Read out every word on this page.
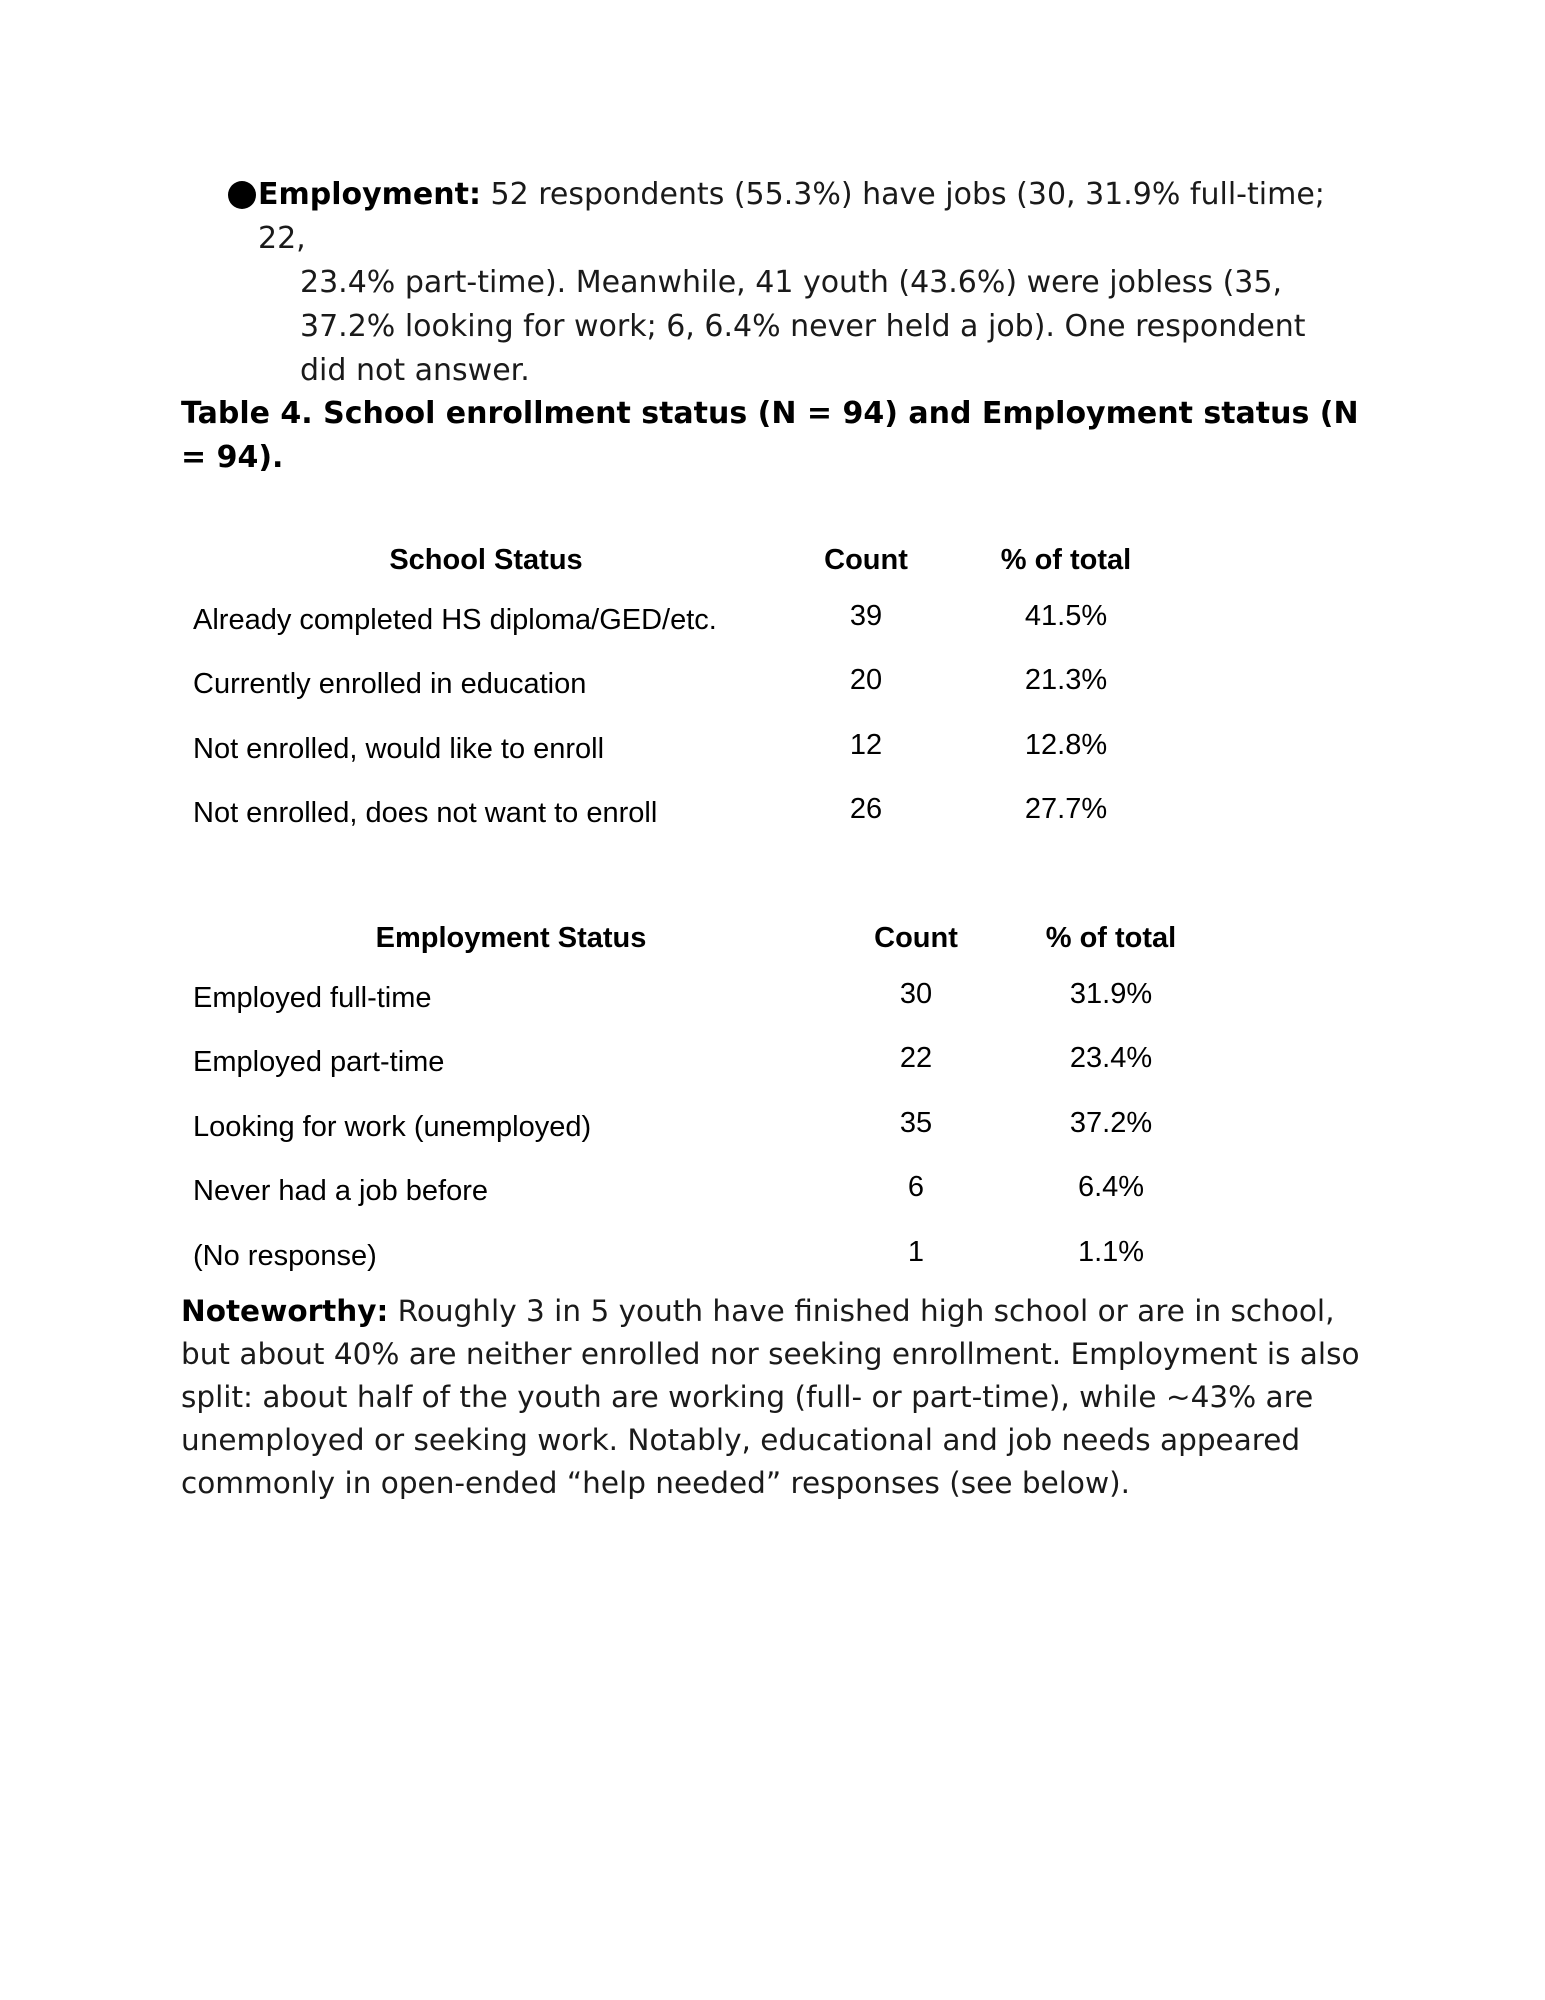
Employment: 52 respondents (55.3%) have jobs (30, 31.9% full-time; 22,
23.4% part-time). Meanwhile, 41 youth (43.6%) were jobless (35, 37.2% looking for work; 6, 6.4% never held a job). One respondent did not answer.
Table 4. School enrollment status (N = 94) and Employment status (N = 94).
School Status	Count	% of total
Already completed HS diploma/GED/etc.	39	41.5%
Currently enrolled in education	20	21.3%
Not enrolled, would like to enroll	12	12.8%
Not enrolled, does not want to enroll	26	27.7%
Employment Status	Count	% of total
Employed full-time	30	31.9%
Employed part-time	22	23.4%
Looking for work (unemployed)	35	37.2%
Never had a job before	6	6.4%
(No response)	1	1.1%
Noteworthy: Roughly 3 in 5 youth have finished high school or are in school, but about 40% are neither enrolled nor seeking enrollment. Employment is also split: about half of the youth are working (full- or part-time), while ~43% are unemployed or seeking work. Notably, educational and job needs appeared commonly in open-ended “help needed” responses (see below).
